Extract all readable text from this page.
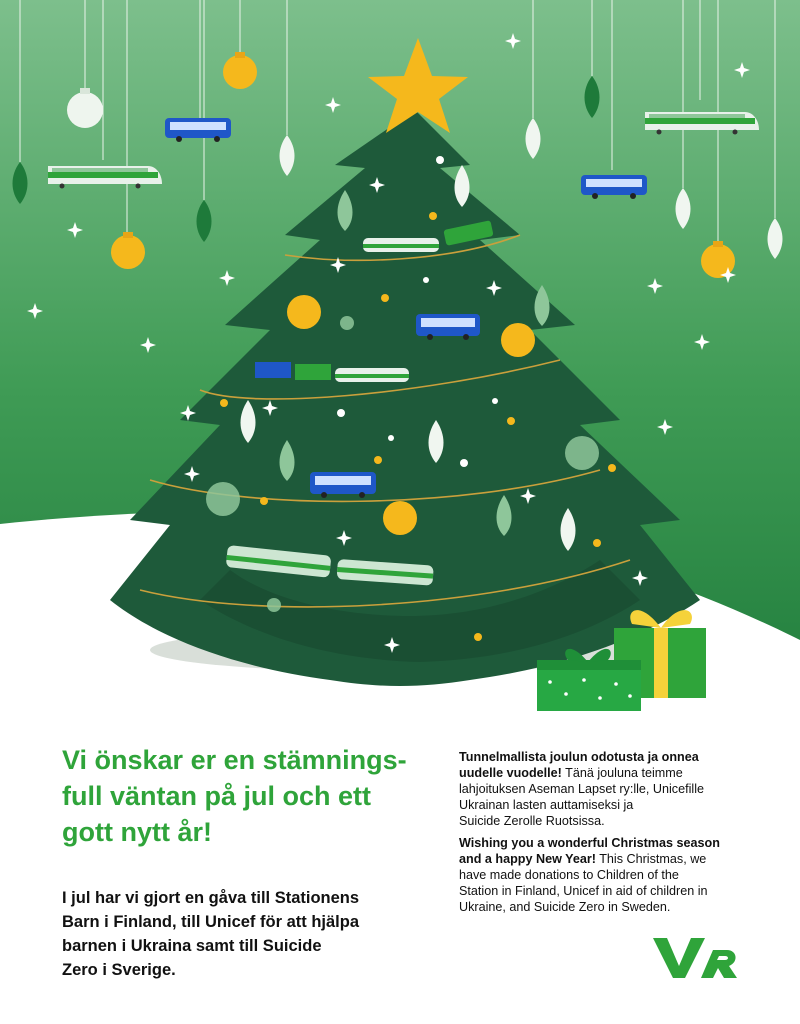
Vi önskar er en stämnings-
full väntan på jul och ett
gott nytt år!

I jul har vi gjort en gåva till Stationens
Barn i Finland, till Unicef för att hjälpa
barnen i Ukraina samt till Suicide
Zero i Sverige.

Tunnelmallista joulun odotusta ja onnea
uudelle vuodelle! Tänä jouluna teimme
lahjoituksen Aseman Lapset ry:lle, Unicefille
Ukrainan lasten auttamiseksi ja
Suicide Zerolle Ruotsissa.

Wishing you a wonderful Christmas season
and a happy New Year! This Christmas, we
have made donations to Children of the
Station in Finland, Unicef in aid of children in
Ukraine, and Suicide Zero in Sweden.
